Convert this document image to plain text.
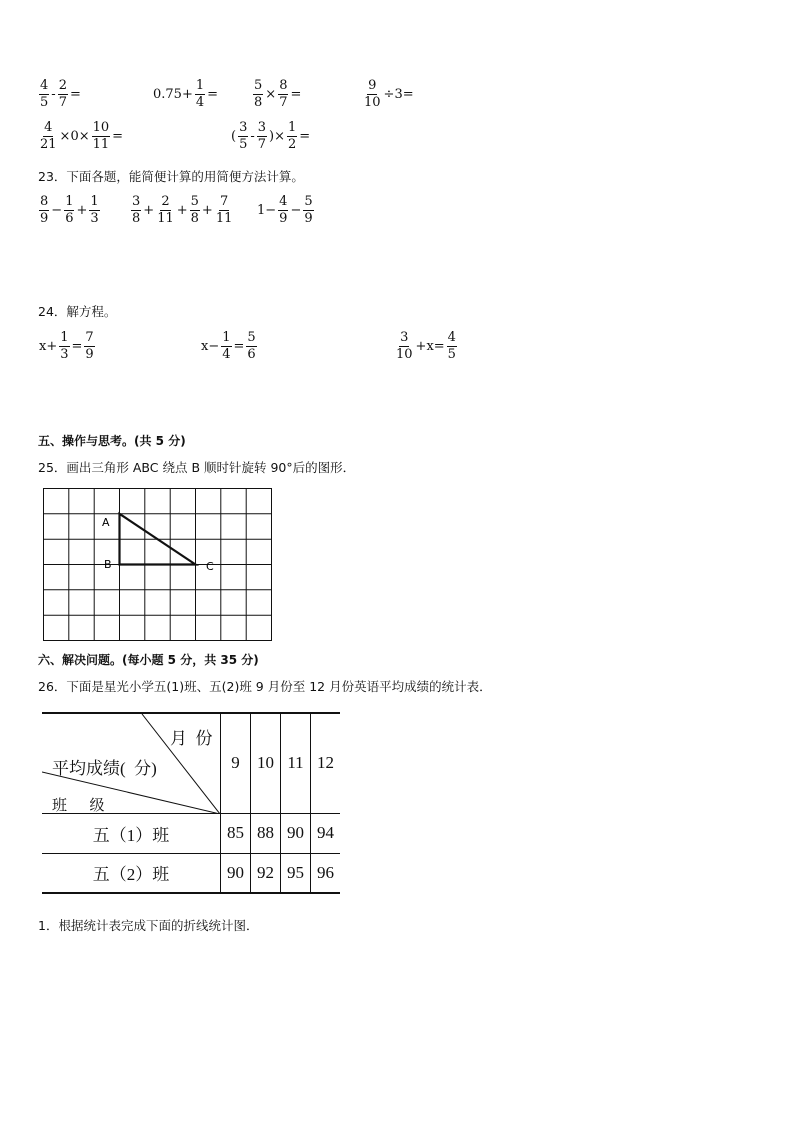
$\frac{4}{5} - \frac{2}{7}$ =	$0.75+ \frac{1}{4}$ =	$\frac{5}{8} \times \frac{8}{7}$ =	$\frac{9}{10} \div 3=$
$\frac{4}{21} \times 0\times \frac{10}{11}$ =	( $\frac{3}{5} - \frac{3}{7}$ )× $\frac{1}{2}$ =
23．下面各题，能简便计算的用简便方法计算。
$\frac{8}{9} - \frac{1}{6} + \frac{1}{3} \frac{3}{8} + \frac{2}{11} + \frac{5}{8} + \frac{7}{11} 1- \frac{4}{9} - \frac{5}{9}$
24．解方程。
$x+ \frac{1}{3} = \frac{7}{9}$	$x- \frac{1}{4} = \frac{5}{6}$	$\frac{3}{10} +x= \frac{4}{5}$
五、操作与思考。(共 5 分)
25．画出三角形 ABC 绕点 B 顺时针旋转 90°后的图形．
A
B	C
六、解决问题。(每小题 5 分，共 35 分)
26．下面是星光小学五(1)班、五(2)班 9 月份至 12 月份英语平均成绩的统计表．
月  份
平均成绩(  分)
班      级	9	10	11	12
五（1）班	85	88	90	94
五（2）班	90	92	95	96
1．根据统计表完成下面的折线统计图．
